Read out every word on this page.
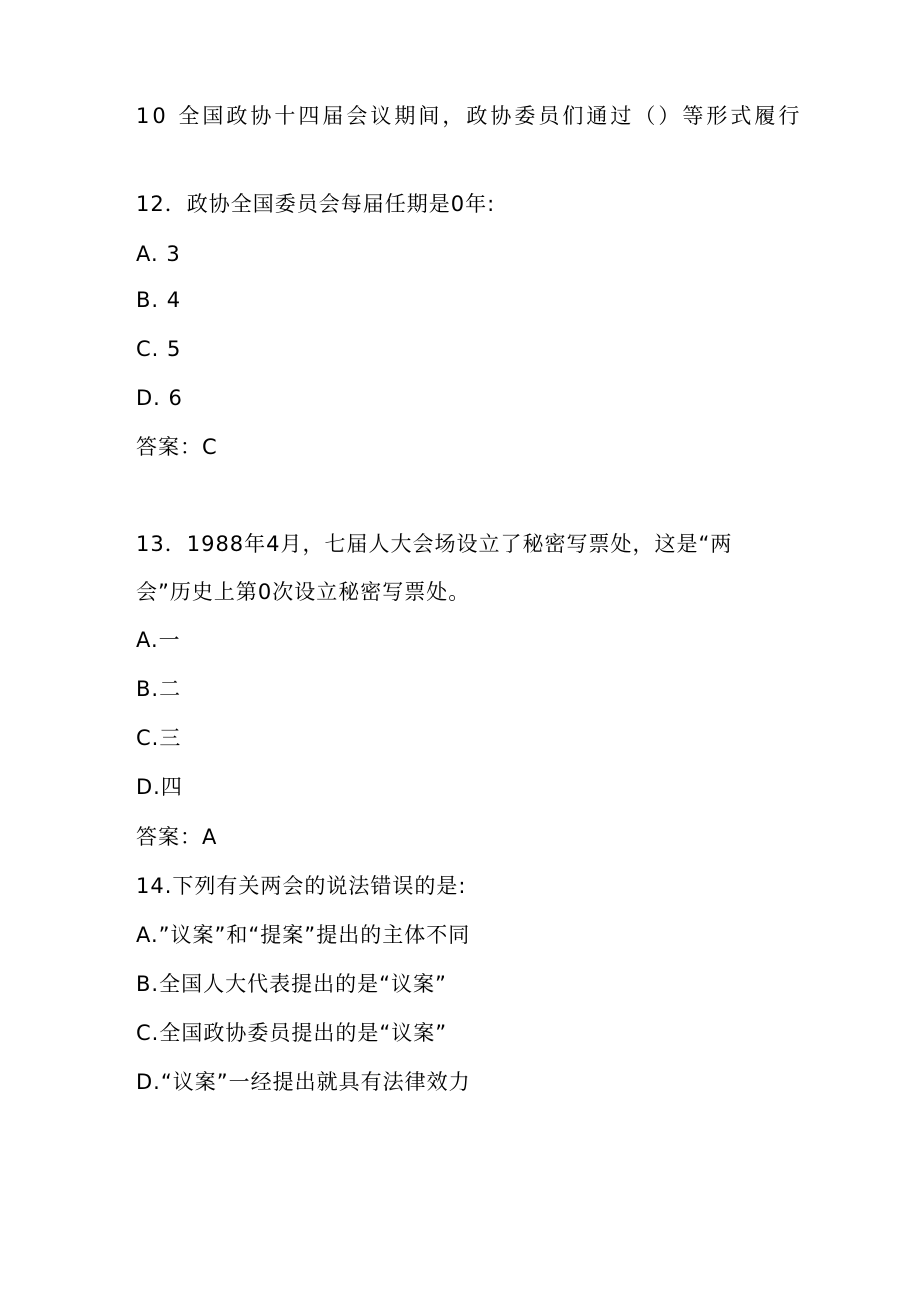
10 全国政协十四届会议期间，政协委员们通过（）等形式履行
12．政协全国委员会每届任期是0年:
A. 3
B. 4
C. 5
D. 6
答案：C
13．1988年4月，七届人大会场设立了秘密写票处，这是“两
会”历史上第0次设立秘密写票处。
A.一
B.二
C.三
D.四
答案：A
14.下列有关两会的说法错误的是:
A.”议案”和“提案”提出的主体不同
B.全国人大代表提出的是“议案”
C.全国政协委员提出的是“议案”
D.“议案”一经提出就具有法律效力
